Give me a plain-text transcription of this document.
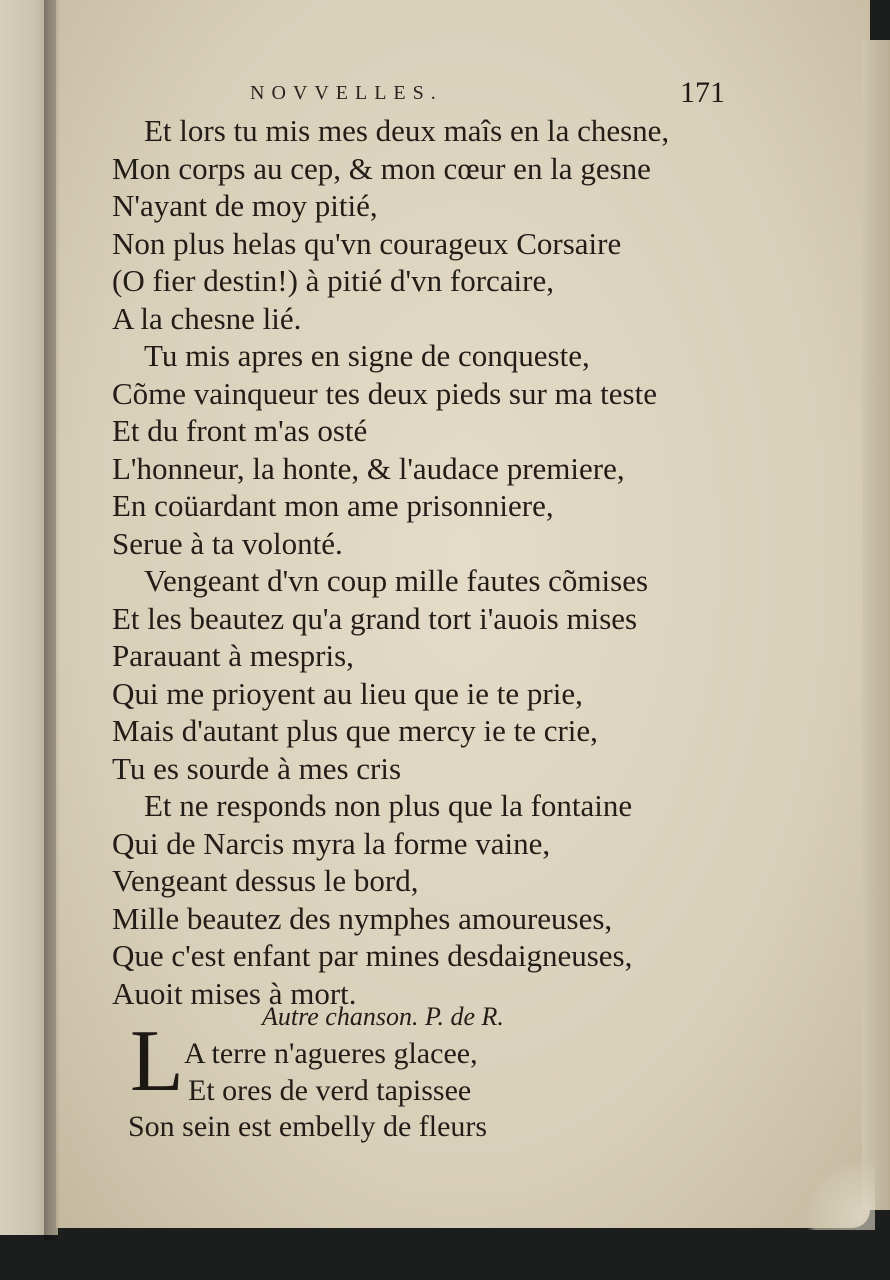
NOVVELLES.	171
Et lors tu mis mes deux maîs en la chesne,
Mon corps au cep, & mon cœur en la gesne
N'ayant de moy pitié,
Non plus helas qu'vn courageux Corsaire
(O fier destin!) à pitié d'vn forcaire,
A la chesne lié.
Tu mis apres en signe de conqueste,
Cõme vainqueur tes deux pieds sur ma teste
Et du front m'as osté
L'honneur, la honte, & l'audace premiere,
En coüardant mon ame prisonniere,
Serue à ta volonté.
Vengeant d'vn coup mille fautes cõmises
Et les beautez qu'a grand tort i'auois mises
Parauant à mespris,
Qui me prioyent au lieu que ie te prie,
Mais d'autant plus que mercy ie te crie,
Tu es sourde à mes cris
Et ne responds non plus que la fontaine
Qui de Narcis myra la forme vaine,
Vengeant dessus le bord,
Mille beautez des nymphes amoureuses,
Que c'est enfant par mines desdaigneuses,
Auoit mises à mort.
Autre chanson. P. de R.
L A terre n'agueres glacee,
Et ores de verd tapissee
Son sein est embelly de fleurs
